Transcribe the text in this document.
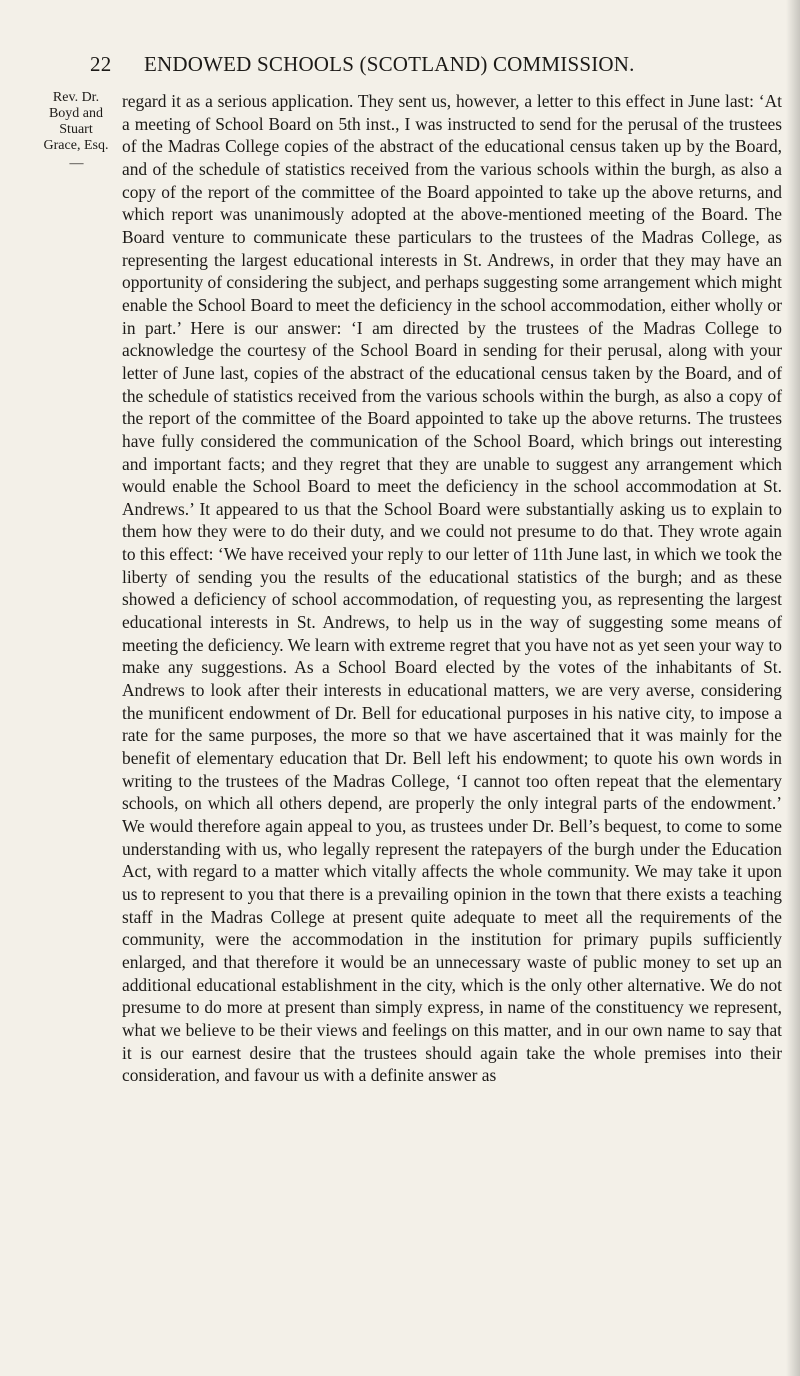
22	ENDOWED SCHOOLS (SCOTLAND) COMMISSION.
Rev. Dr.
Boyd and
Stuart
Grace, Esq.
—

regard it as a serious application. They sent us, however, a letter to this effect in June last: ‘At a meeting of School Board on 5th inst., I was instructed to send for the perusal of the trustees of the Madras College copies of the abstract of the educational census taken up by the Board, and of the schedule of statistics received from the various schools within the burgh, as also a copy of the report of the committee of the Board appointed to take up the above returns, and which report was unanimously adopted at the above-mentioned meeting of the Board. The Board venture to communicate these particulars to the trustees of the Madras College, as representing the largest educational interests in St. Andrews, in order that they may have an opportunity of considering the subject, and perhaps suggesting some arrangement which might enable the School Board to meet the deficiency in the school accommodation, either wholly or in part.’ Here is our answer: ‘I am directed by the trustees of the Madras College to acknowledge the courtesy of the School Board in sending for their perusal, along with your letter of June last, copies of the abstract of the educational census taken by the Board, and of the schedule of statistics received from the various schools within the burgh, as also a copy of the report of the committee of the Board appointed to take up the above returns. The trustees have fully considered the communication of the School Board, which brings out interesting and important facts; and they regret that they are unable to suggest any arrangement which would enable the School Board to meet the deficiency in the school accommodation at St. Andrews.’ It appeared to us that the School Board were substantially asking us to explain to them how they were to do their duty, and we could not presume to do that. They wrote again to this effect: ‘We have received your reply to our letter of 11th June last, in which we took the liberty of sending you the results of the educational statistics of the burgh; and as these showed a deficiency of school accommodation, of requesting you, as representing the largest educational interests in St. Andrews, to help us in the way of suggesting some means of meeting the deficiency. We learn with extreme regret that you have not as yet seen your way to make any suggestions. As a School Board elected by the votes of the inhabitants of St. Andrews to look after their interests in educational matters, we are very averse, considering the munificent endowment of Dr. Bell for educational purposes in his native city, to impose a rate for the same purposes, the more so that we have ascertained that it was mainly for the benefit of elementary education that Dr. Bell left his endowment; to quote his own words in writing to the trustees of the Madras College, ‘I cannot too often repeat that the elementary schools, on which all others depend, are properly the only integral parts of the endowment.’ We would therefore again appeal to you, as trustees under Dr. Bell’s bequest, to come to some understanding with us, who legally represent the ratepayers of the burgh under the Education Act, with regard to a matter which vitally affects the whole community. We may take it upon us to represent to you that there is a prevailing opinion in the town that there exists a teaching staff in the Madras College at present quite adequate to meet all the requirements of the community, were the accommodation in the institution for primary pupils sufficiently enlarged, and that therefore it would be an unnecessary waste of public money to set up an additional educational establishment in the city, which is the only other alternative. We do not presume to do more at present than simply express, in name of the constituency we represent, what we believe to be their views and feelings on this matter, and in our own name to say that it is our earnest desire that the trustees should again take the whole premises into their consideration, and favour us with a definite answer as
